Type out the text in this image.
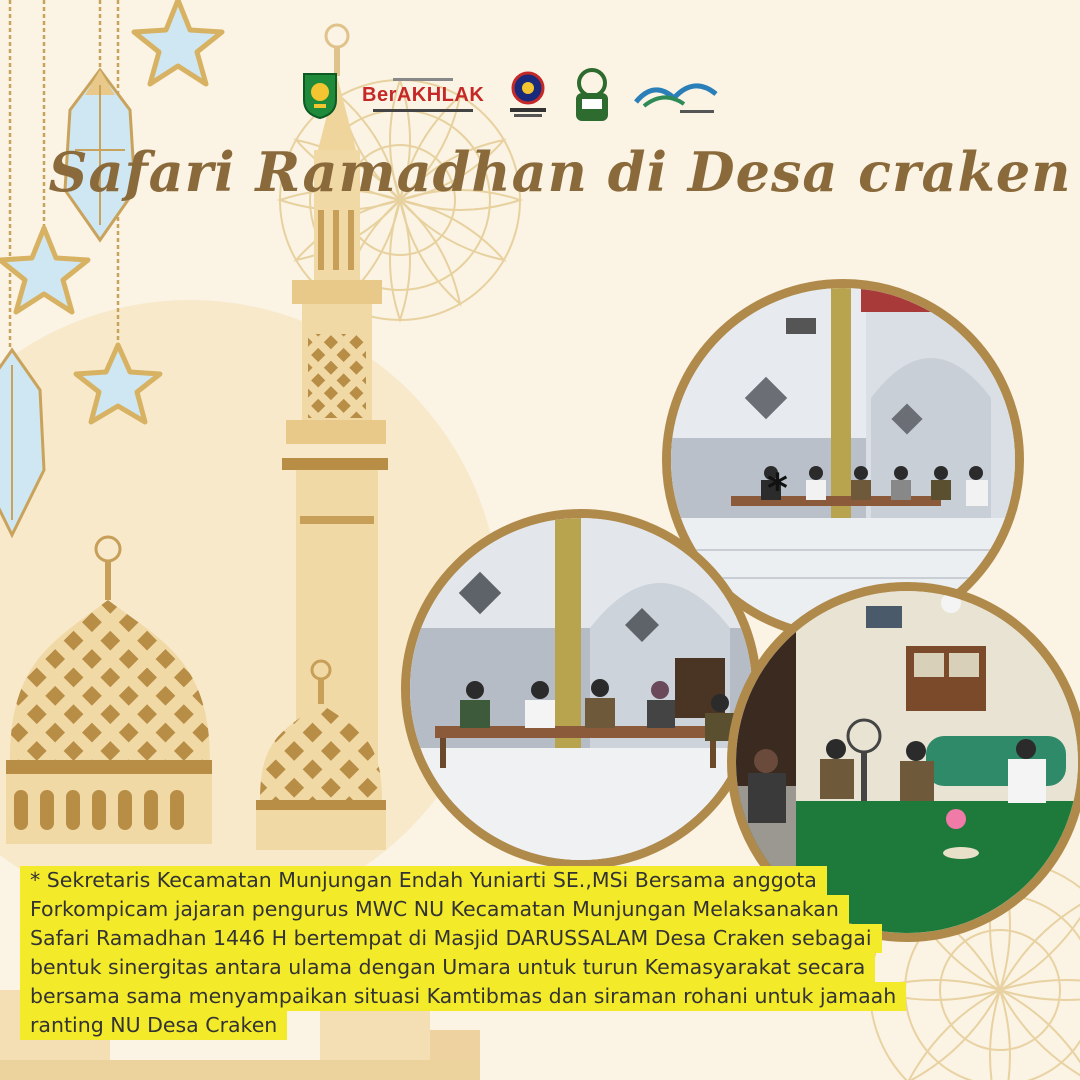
BerAKHLAK
Safari Ramadhan di Desa craken
*
* Sekretaris Kecamatan Munjungan Endah Yuniarti SE.,MSi Bersama anggota
Forkompicam jajaran pengurus MWC NU Kecamatan Munjungan Melaksanakan
Safari Ramadhan 1446 H bertempat di Masjid DARUSSALAM Desa Craken sebagai
bentuk sinergitas antara ulama dengan Umara untuk turun Kemasyarakat secara
bersama sama menyampaikan situasi Kamtibmas dan siraman rohani untuk jamaah
ranting NU Desa Craken
